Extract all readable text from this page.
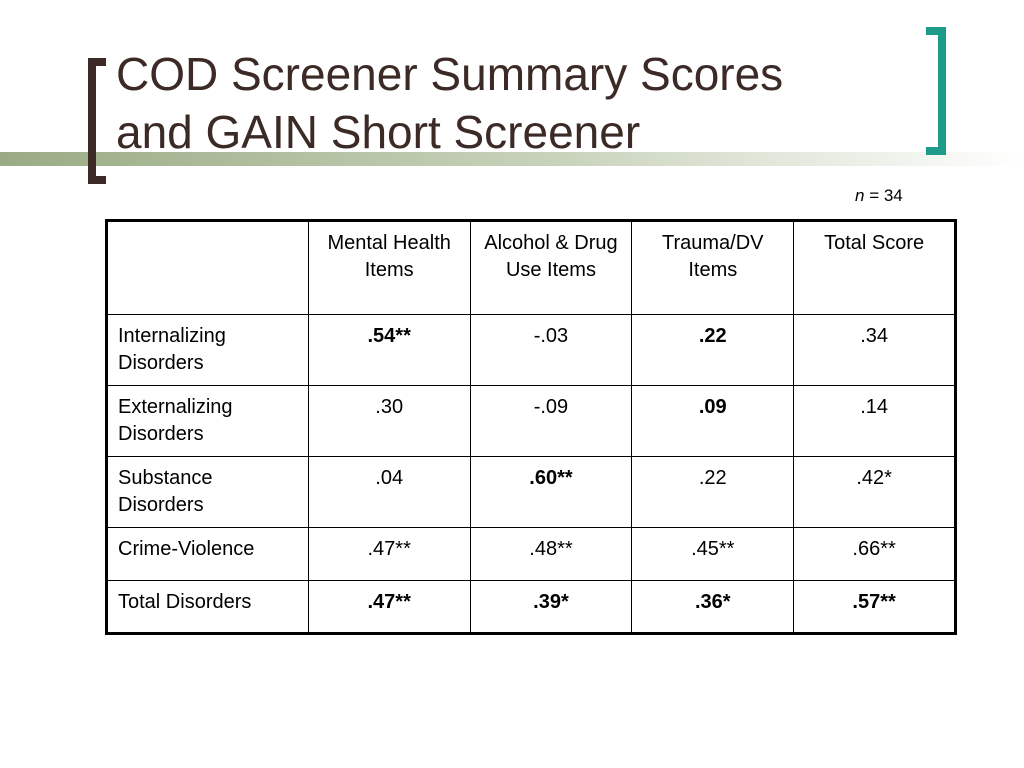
COD Screener Summary Scores
and GAIN Short Screener
n = 34
	Mental Health Items	Alcohol & Drug Use Items	Trauma/DV Items	Total Score
Internalizing Disorders	.54**	-.03	.22	.34
Externalizing Disorders	.30	-.09	.09	.14
Substance Disorders	.04	.60**	.22	.42*
Crime-Violence	.47**	.48**	.45**	.66**
Total Disorders	.47**	.39*	.36*	.57**
